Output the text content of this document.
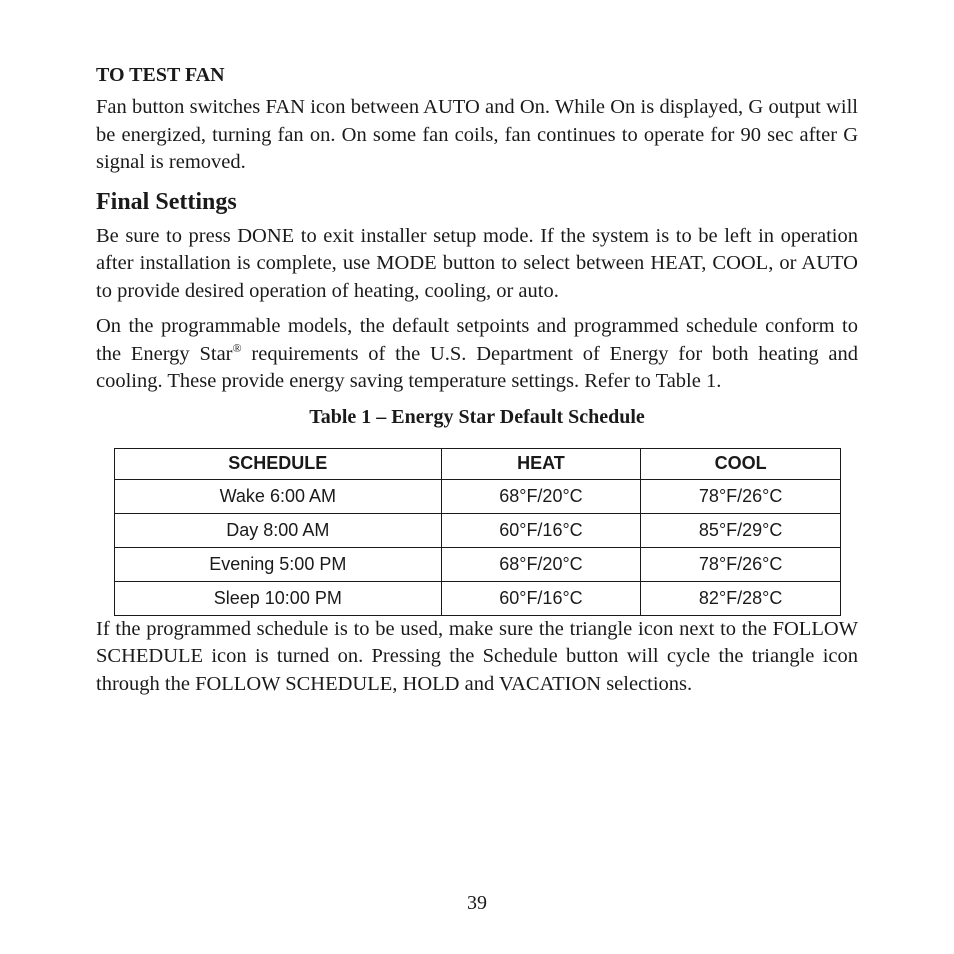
TO TEST FAN

Fan button switches FAN icon between AUTO and On. While On is displayed, G output will be energized, turning fan on. On some fan coils, fan continues to operate for 90 sec after G signal is removed.

Final Settings

Be sure to press DONE to exit installer setup mode. If the system is to be left in operation after installation is complete, use MODE button to select between HEAT, COOL, or AUTO to provide desired operation of heating, cooling, or auto.

On the programmable models, the default setpoints and programmed schedule conform to the Energy Star® requirements of the U.S. Department of Energy for both heating and cooling. These provide energy saving temperature settings. Refer to Table 1.

Table 1 – Energy Star Default Schedule
SCHEDULE	HEAT	COOL
Wake 6:00 AM	68°F/20°C	78°F/26°C
Day 8:00 AM	60°F/16°C	85°F/29°C
Evening 5:00 PM	68°F/20°C	78°F/26°C
Sleep 10:00 PM	60°F/16°C	82°F/28°C

If the programmed schedule is to be used, make sure the triangle icon next to the FOLLOW SCHEDULE icon is turned on. Pressing the Schedule button will cycle the triangle icon through the FOLLOW SCHEDULE, HOLD and VACATION selections.

39
